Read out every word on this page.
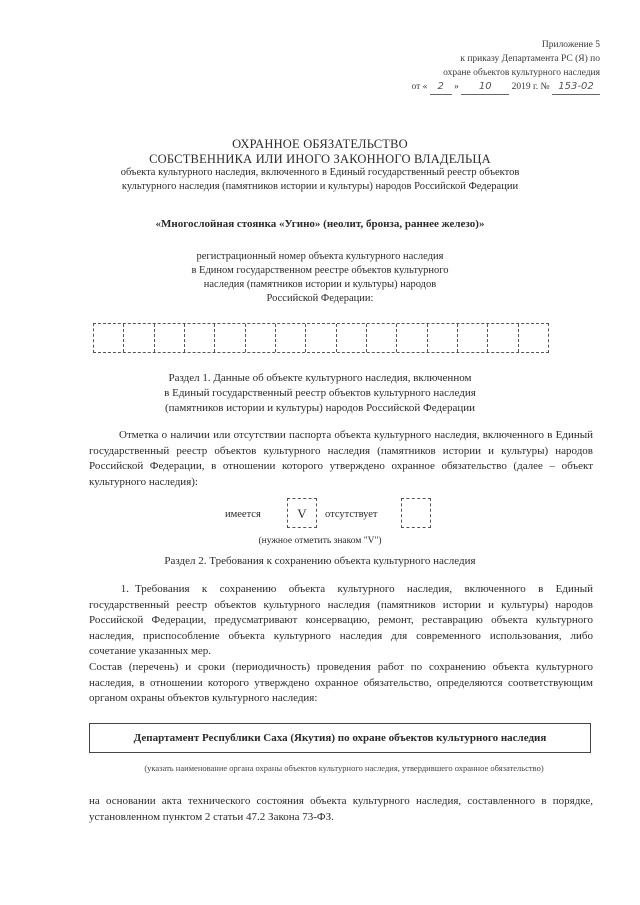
Приложение 5
к приказу Департамента РС (Я) по
охране объектов культурного наследия
от « 2 » 10 2019 г. № 153-02
ОХРАННОЕ ОБЯЗАТЕЛЬСТВО
СОБСТВЕННИКА ИЛИ ИНОГО ЗАКОННОГО ВЛАДЕЛЬЦА
объекта культурного наследия, включенного в Единый государственный реестр объектов
культурного наследия (памятников истории и культуры) народов Российской Федерации
«Многослойная стоянка «Угино» (неолит, бронза, раннее железо)»
регистрационный номер объекта культурного наследия
в Едином государственном реестре объектов культурного
наследия (памятников истории и культуры) народов
Российской Федерации:
Раздел 1. Данные об объекте культурного наследия, включенном
в Единый государственный реестр объектов культурного наследия
(памятников истории и культуры) народов Российской Федерации
Отметка о наличии или отсутствии паспорта объекта культурного наследия, включенного в Единый государственный реестр объектов культурного наследия (памятников истории и культуры) народов Российской Федерации, в отношении которого утверждено охранное обязательство (далее – объект культурного наследия):
имеется	V	отсутствует
(нужное отметить знаком "V")
Раздел 2. Требования к сохранению объекта культурного наследия
1. Требования к сохранению объекта культурного наследия, включенного в Единый государственный реестр объектов культурного наследия (памятников истории и культуры) народов Российской Федерации, предусматривают консервацию, ремонт, реставрацию объекта культурного наследия, приспособление объекта культурного наследия для современного использования, либо сочетание указанных мер.
Состав (перечень) и сроки (периодичность) проведения работ по сохранению объекта культурного наследия, в отношении которого утверждено охранное обязательство, определяются соответствующим органом охраны объектов культурного наследия:
Департамент Республики Саха (Якутия) по охране объектов культурного наследия
(указать наименование органа охраны объектов культурного наследия, утвердившего охранное обязательство)
на основании акта технического состояния объекта культурного наследия, составленного в порядке, установленном пунктом 2 статьи 47.2 Закона 73-ФЗ.
